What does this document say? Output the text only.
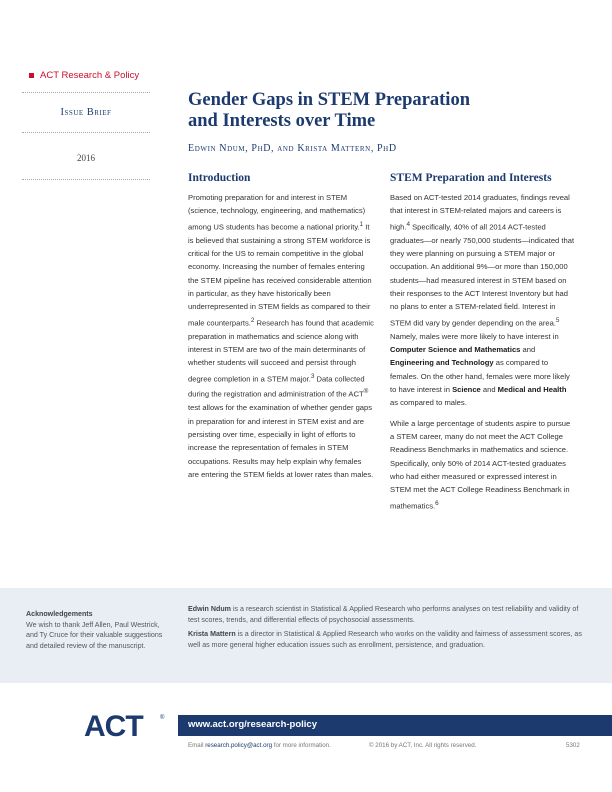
ACT Research & Policy
Issue Brief
2016
Gender Gaps in STEM Preparation
and Interests over Time
Edwin Ndum, PhD, and Krista Mattern, PhD
Introduction

Promoting preparation for and interest in STEM (science, technology, engineering, and mathematics) among US students has become a national priority.$^1$ It is believed that sustaining a strong STEM workforce is critical for the US to remain competitive in the global economy. Increasing the number of females entering the STEM pipeline has received considerable attention in particular, as they have historically been underrepresented in STEM fields as compared to their male counterparts.$^2$ Research has found that academic preparation in mathematics and science along with interest in STEM are two of the main determinants of whether students will succeed and persist through degree completion in a STEM major.$^3$ Data collected during the registration and administration of the ACT® test allows for the examination of whether gender gaps in preparation for and interest in STEM exist and are persisting over time, especially in light of efforts to increase the representation of females in STEM occupations. Results may help explain why females are entering the STEM fields at lower rates than males.

STEM Preparation and Interests

Based on ACT-tested 2014 graduates, findings reveal that interest in STEM-related majors and careers is high.$^4$ Specifically, 40% of all 2014 ACT-tested graduates—or nearly 750,000 students—indicated that they were planning on pursuing a STEM major or occupation. An additional 9%—or more than 150,000 students—had measured interest in STEM based on their responses to the ACT Interest Inventory but had no plans to enter a STEM-related field. Interest in STEM did vary by gender depending on the area.$^5$ Namely, males were more likely to have interest in Computer Science and Mathematics and Engineering and Technology as compared to females. On the other hand, females were more likely to have interest in Science and Medical and Health as compared to males.

While a large percentage of students aspire to pursue a STEM career, many do not meet the ACT College Readiness Benchmarks in mathematics and science. Specifically, only 50% of 2014 ACT-tested graduates who had either measured or expressed interest in STEM met the ACT College Readiness Benchmark in mathematics.$^6$

Acknowledgements
We wish to thank Jeff Allen, Paul Westrick, and Ty Cruce for their valuable suggestions and detailed review of the manuscript.

Edwin Ndum is a research scientist in Statistical & Applied Research who performs analyses on test reliability and validity of test scores, trends, and differential effects of psychosocial assessments.

Krista Mattern is a director in Statistical & Applied Research who works on the validity and fairness of assessment scores, as well as more general higher education issues such as enrollment, persistence, and graduation.

ACT	®
www.act.org/research-policy
Email research.policy@act.org for more information.	© 2016 by ACT, Inc. All rights reserved.	5302
